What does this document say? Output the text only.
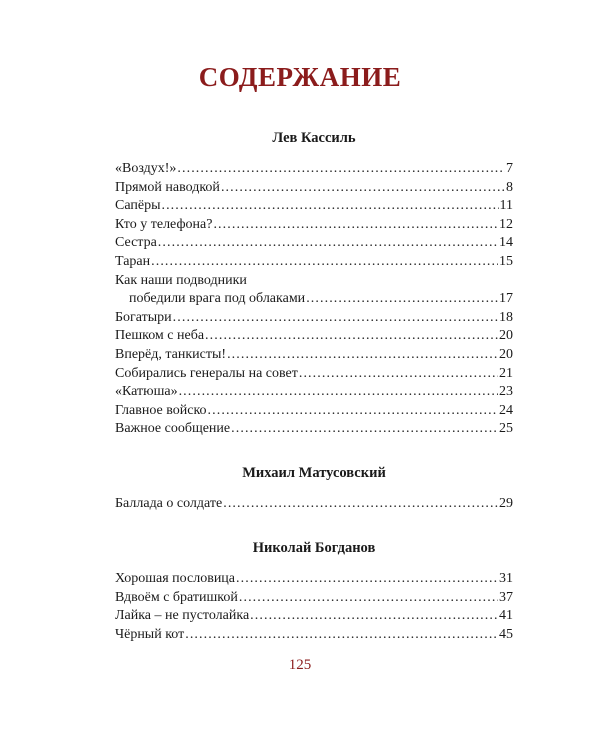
СОДЕРЖАНИЕ
Лев Кассиль
«Воздух!» . . .	7
Прямой наводкой . . .	8
Сапёры . . .	11
Кто у телефона? . . .	12
Сестра . . .	14
Таран . . .	15
Как наши подводники
победили врага под облаками . . .	17
Богатыри . . .	18
Пешком с неба . . .	20
Вперёд, танкисты! . . .	20
Собирались генералы на совет . . .	21
«Катюша» . . .	23
Главное войско . . .	24
Важное сообщение . . .	25
Михаил Матусовский
Баллада о солдате . . .	29
Николай Богданов
Хорошая пословица . . .	31
Вдвоём с братишкой . . .	37
Лайка – не пустолайка . . .	41
Чёрный кот . . .	45
125
